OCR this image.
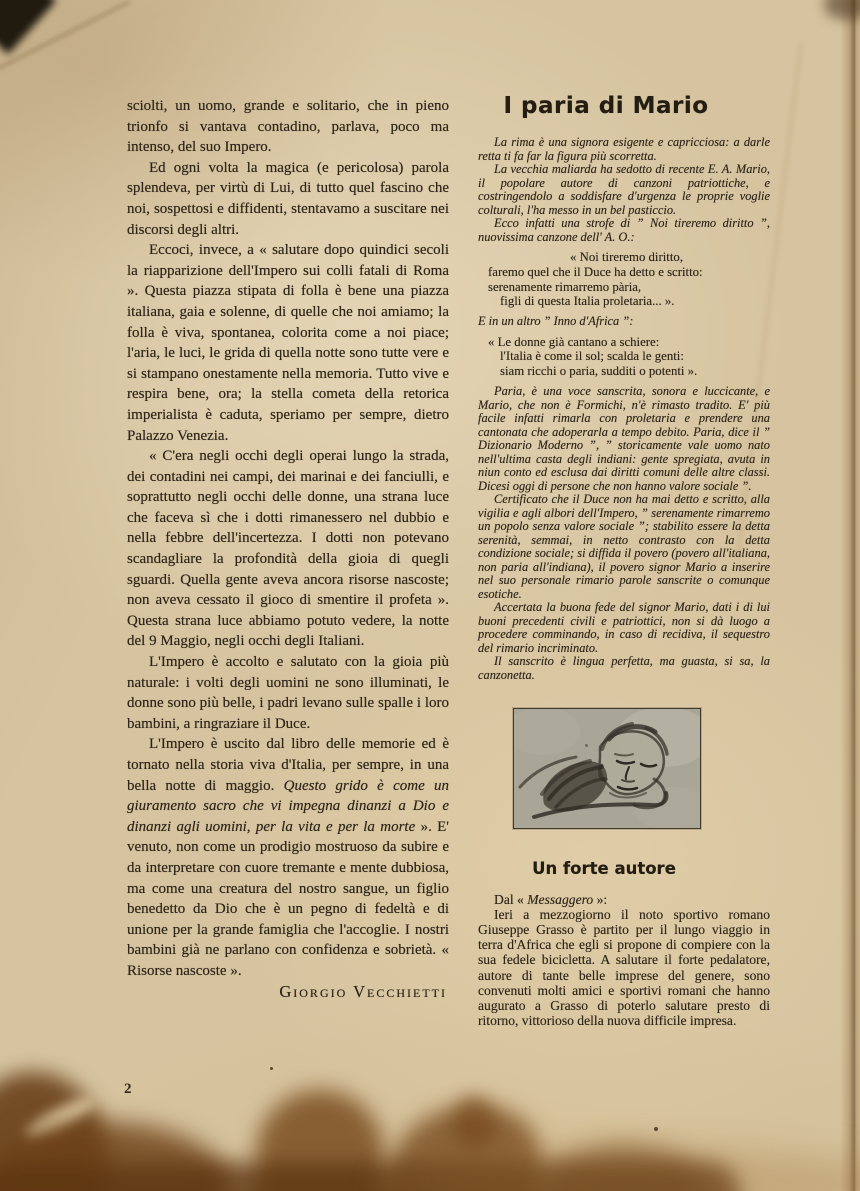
sciolti, un uomo, grande e solitario, che in pieno trionfo si vantava contadino, parlava, poco ma intenso, del suo Impero.

Ed ogni volta la magica (e pericolosa) parola splendeva, per virtù di Lui, di tutto quel fascino che noi, sospettosi e diffidenti, stentavamo a suscitare nei discorsi degli altri.

Eccoci, invece, a « salutare dopo quindici secoli la riapparizione dell'Impero sui colli fatali di Roma ». Questa piazza stipata di folla è bene una piazza italiana, gaia e solenne, di quelle che noi amiamo; la folla è viva, spontanea, colorita come a noi piace; l'aria, le luci, le grida di quella notte sono tutte vere e si stampano onestamente nella memoria. Tutto vive e respira bene, ora; la stella cometa della retorica imperialista è caduta, speriamo per sempre, dietro Palazzo Venezia.

« C'era negli occhi degli operai lungo la strada, dei contadini nei campi, dei marinai e dei fanciulli, e soprattutto negli occhi delle donne, una strana luce che faceva sì che i dotti rimanessero nel dubbio e nella febbre dell'incertezza. I dotti non potevano scandagliare la profondità della gioia di quegli sguardi. Quella gente aveva ancora risorse nascoste; non aveva cessato il gioco di smentire il profeta ». Questa strana luce abbiamo potuto vedere, la notte del 9 Maggio, negli occhi degli Italiani.

L'Impero è accolto e salutato con la gioia più naturale: i volti degli uomini ne sono illuminati, le donne sono più belle, i padri levano sulle spalle i loro bambini, a ringraziare il Duce.

L'Impero è uscito dal libro delle memorie ed è tornato nella storia viva d'Italia, per sempre, in una bella notte di maggio. Questo grido è come un giuramento sacro che vi impegna dinanzi a Dio e dinanzi agli uomini, per la vita e per la morte ». E' venuto, non come un prodigio mostruoso da subire e da interpretare con cuore tremante e mente dubbiosa, ma come una creatura del nostro sangue, un figlio benedetto da Dio che è un pegno di fedeltà e di unione per la grande famiglia che l'accoglie. I nostri bambini già ne parlano con confidenza e sobrietà. « Risorse nascoste ».

Giorgio Vecchietti

I paria di Mario

La rima è una signora esigente e capricciosa: a darle retta ti fa far la figura più scorretta.

La vecchia maliarda ha sedotto di recente E. A. Mario, il popolare autore di canzoni patriottiche, e costringendolo a soddisfare d'urgenza le proprie voglie colturali, l'ha messo in un bel pasticcio.

Ecco infatti una strofe di ” Noi tireremo diritto ”, nuovissima canzone dell' A. O.:

« Noi tireremo diritto,
faremo quel che il Duce ha detto e scritto:
serenamente rimarremo pària,
figli di questa Italia proletaria... ».

E in un altro ” Inno d'Africa ”:

« Le donne già cantano a schiere:
l'Italia è come il sol; scalda le genti:
siam ricchi o paria, sudditi o potenti ».

Paria, è una voce sanscrita, sonora e luccicante, e Mario, che non è Formichi, n'è rimasto tradito. E' più facile infatti rimarla con proletaria e prendere una cantonata che adoperarla a tempo debito. Paria, dice il ” Dizionario Moderno ”, ” storicamente vale uomo nato nell'ultima casta degli indiani: gente spregiata, avuta in niun conto ed esclusa dai diritti comuni delle altre classi. Dicesi oggi di persone che non hanno valore sociale ”.

Certificato che il Duce non ha mai detto e scritto, alla vigilia e agli albori dell'Impero, ” serenamente rimarremo un popolo senza valore sociale ”; stabilito essere la detta serenità, semmai, in netto contrasto con la detta condizione sociale; si diffida il povero (povero all'italiana, non paria all'indiana), il povero signor Mario a inserire nel suo personale rimario parole sanscrite o comunque esotiche.

Accertata la buona fede del signor Mario, dati i di lui buoni precedenti civili e patriottici, non si dà luogo a procedere comminando, in caso di recidiva, il sequestro del rimario incriminato.

Il sanscrito è lingua perfetta, ma guasta, si sa, la canzonetta.

Un forte autore

Dal « Messaggero »:

Ieri a mezzogiorno il noto sportivo romano Giuseppe Grasso è partito per il lungo viaggio in terra d'Africa che egli si propone di compiere con la sua fedele bicicletta. A salutare il forte pedalatore, autore di tante belle imprese del genere, sono convenuti molti amici e sportivi romani che hanno augurato a Grasso di poterlo salutare presto di ritorno, vittorioso della nuova difficile impresa.

2
